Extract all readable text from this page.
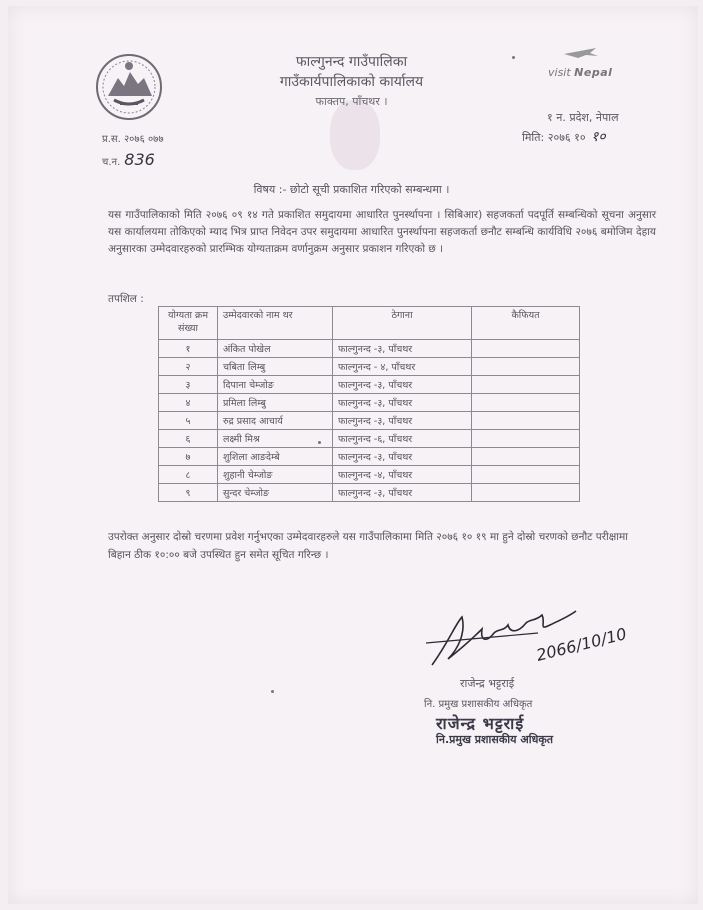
फाल्गुनन्द गाउँपालिका
गाउँकार्यपालिकाको कार्यालय
फाक्तप, पाँचथर ।
visit Nepal
१ न. प्रदेश, नेपाल
मिति: २०७६ १० १०
प्र.स. २०७६ ०७७
च.न. 836
विषय :- छोटो सूची प्रकाशित गरिएको सम्बन्धमा ।
यस गाउँपालिकाको मिति २०७६ ०९ १४ गते प्रकाशित समुदायमा आधारित पुनर्स्थापना । सिबिआर) सहजकर्ता पदपूर्ति सम्बन्धिको सूचना अनुसार यस कार्यालयमा तोकिएको म्याद भित्र प्राप्त निवेदन उपर समुदायमा आधारित पुनर्स्थापना सहजकर्ता छनौट सम्बन्धि कार्यविधि २०७६ बमोजिम देहाय अनुसारका उम्मेदवारहरुको प्रारम्भिक योग्यताक्रम वर्णानुक्रम अनुसार प्रकाशन गरिएको छ ।
तपशिल :
योग्यता क्रम संख्या	उम्मेदवारको नाम थर	ठेगाना	कैफियत
१	अंकित पोखेल	फाल्गुनन्द -३, पाँचथर	
२	चबिता लिम्बु	फाल्गुनन्द - ४, पाँचथर	
३	दिपाना चेम्जोङ	फाल्गुनन्द -३, पाँचथर	
४	प्रमिला लिम्बु	फाल्गुनन्द -३, पाँचथर	
५	रुद्र प्रसाद आचार्य	फाल्गुनन्द -३, पाँचथर	
६	लक्ष्मी मिश्र	फाल्गुनन्द -६, पाँचथर	
७	शुशिला आङदेम्बे	फाल्गुनन्द -३, पाँचथर	
८	शुहानी चेम्जोङ	फाल्गुनन्द -४, पाँचथर	
९	सुन्दर चेम्जोङ	फाल्गुनन्द -३, पाँचथर	
उपरोक्त अनुसार दोस्रो चरणमा प्रवेश गर्नुभएका उम्मेदवारहरुले यस गाउँपालिकामा मिति २०७६ १० १९ मा हुने दोस्रो चरणको छनौट परीक्षामा बिहान ठीक १०:०० बजे उपस्थित हुन समेत सूचित गरिन्छ ।
2066/10/10
राजेन्द्र भट्टराई
नि. प्रमुख प्रशासकीय अधिकृत
राजेन्द्र भट्टराई
नि.प्रमुख प्रशासकीय अधिकृत
